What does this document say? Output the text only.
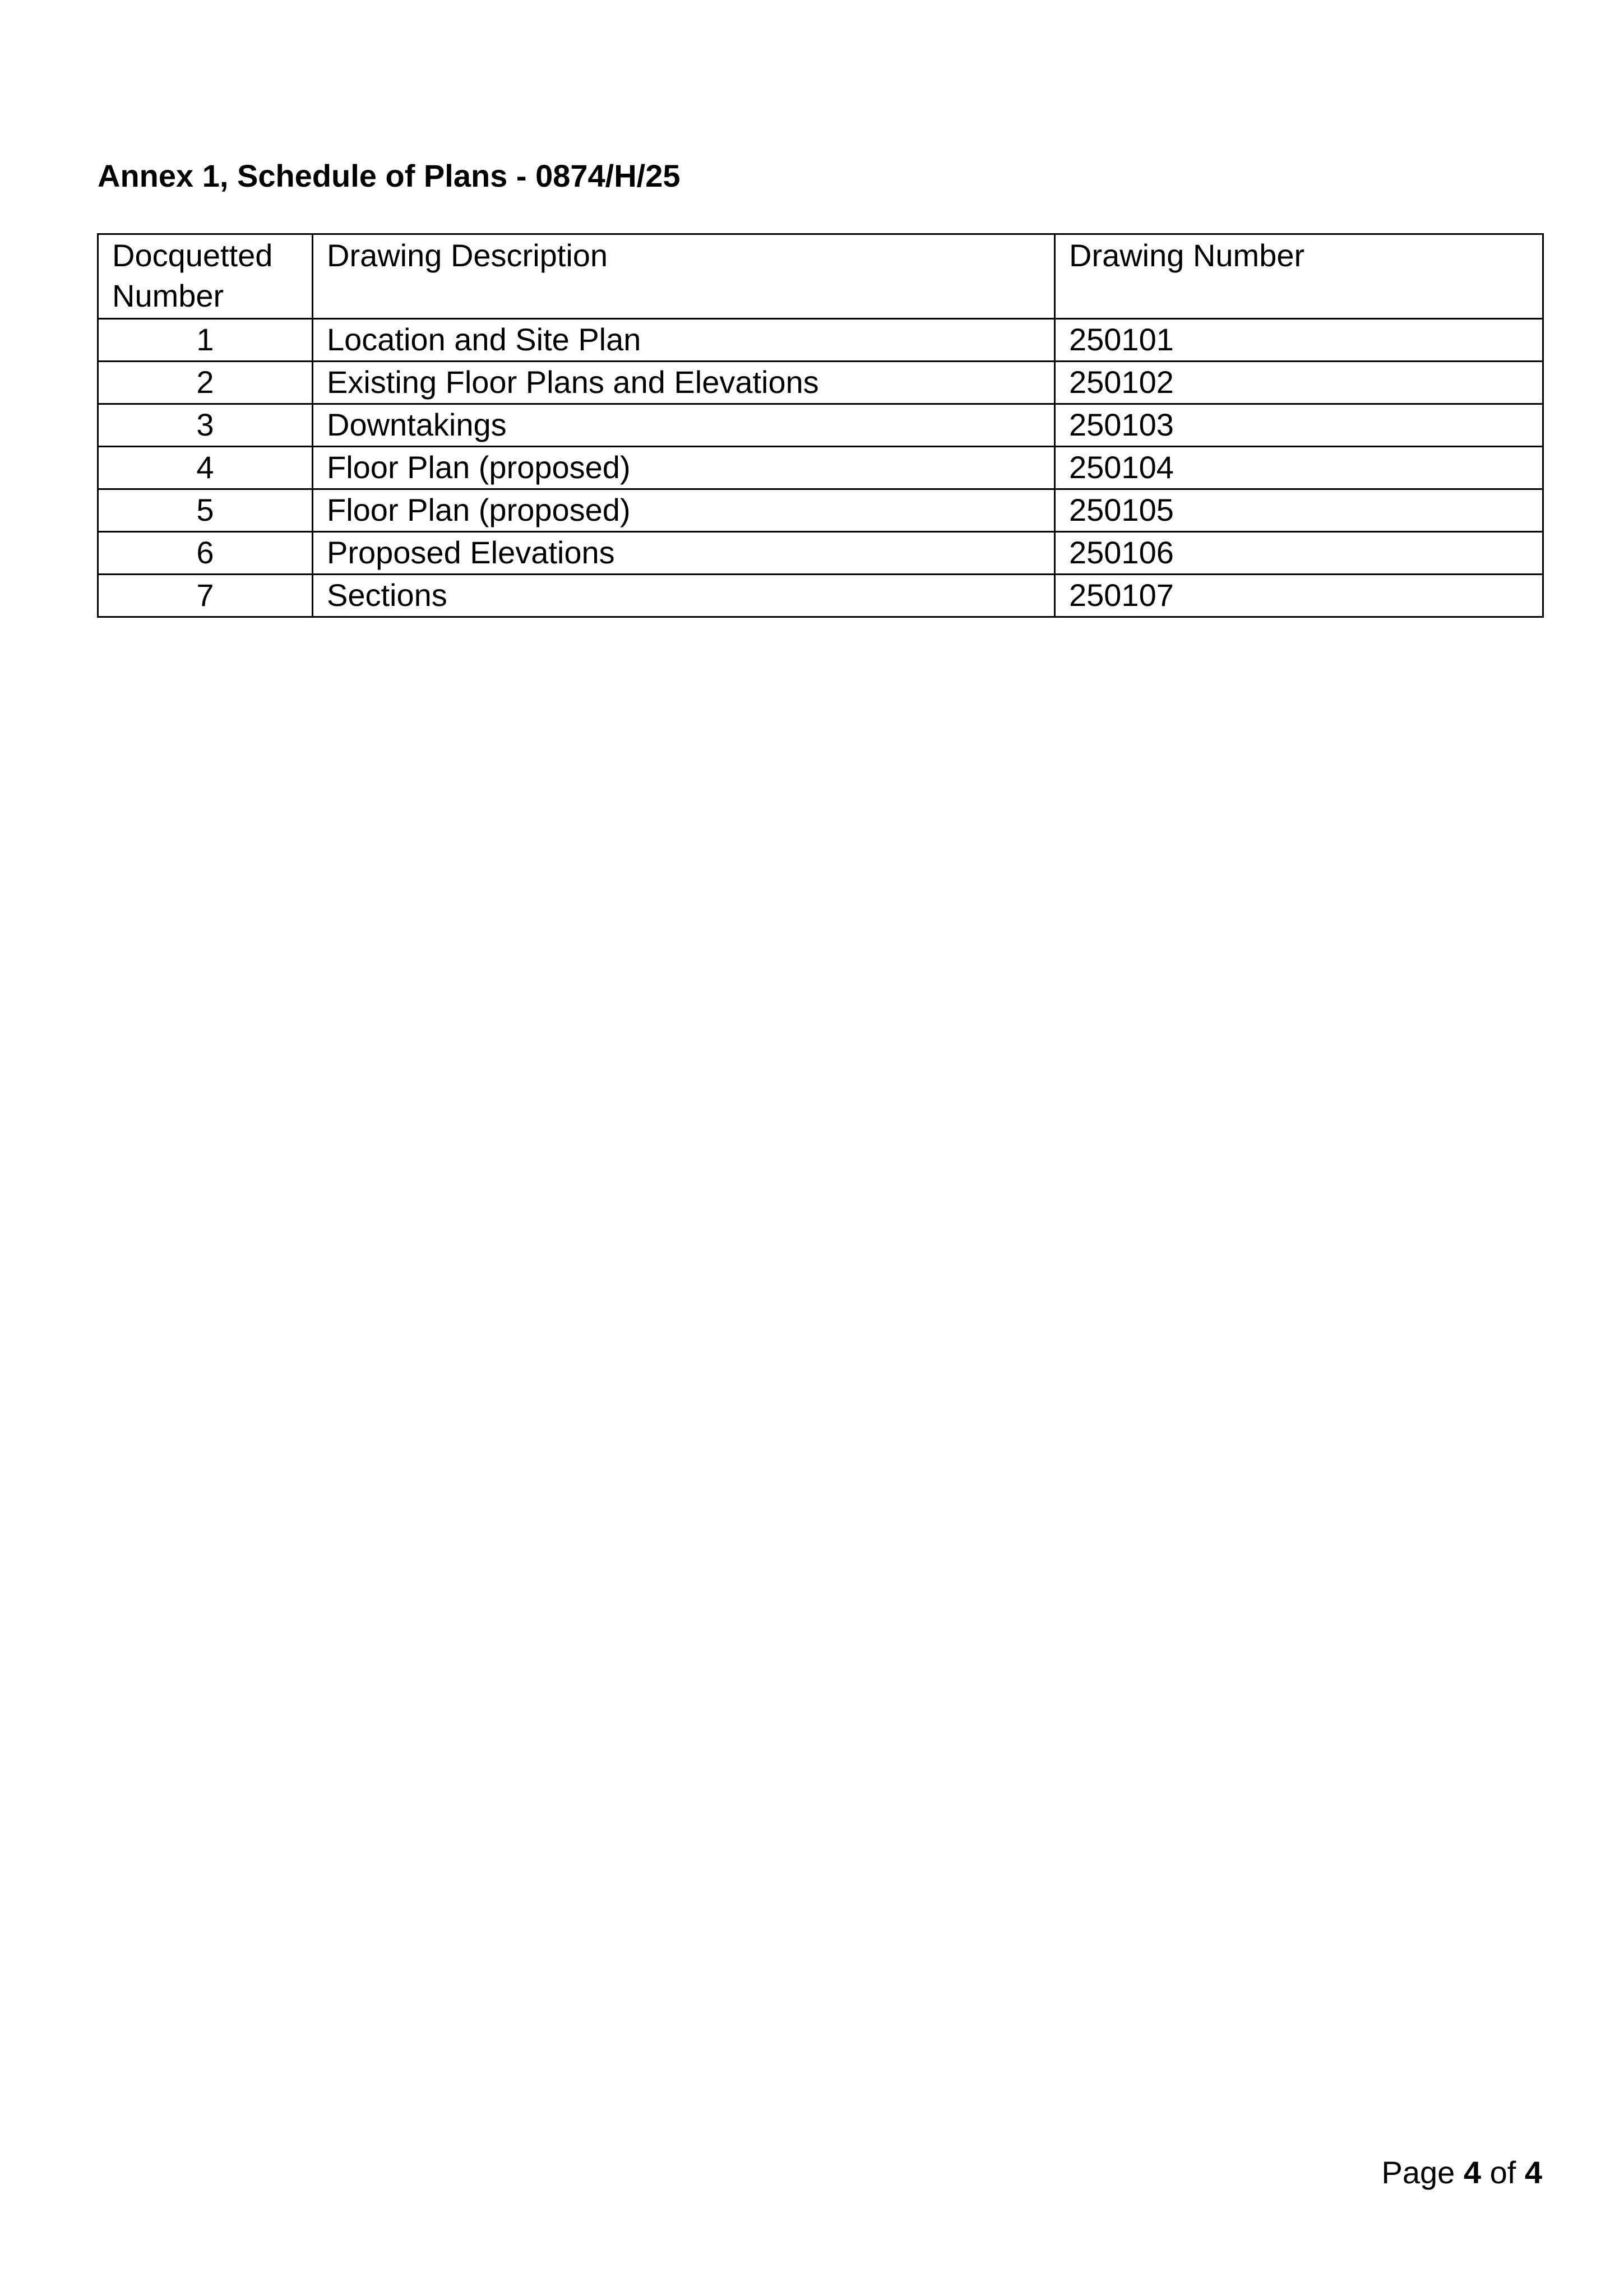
Annex 1, Schedule of Plans - 0874/H/25
Docquetted Number	Drawing Description	Drawing Number
1	Location and Site Plan	250101
2	Existing Floor Plans and Elevations	250102
3	Downtakings	250103
4	Floor Plan (proposed)	250104
5	Floor Plan (proposed)	250105
6	Proposed Elevations	250106
7	Sections	250107
Page 4 of 4
